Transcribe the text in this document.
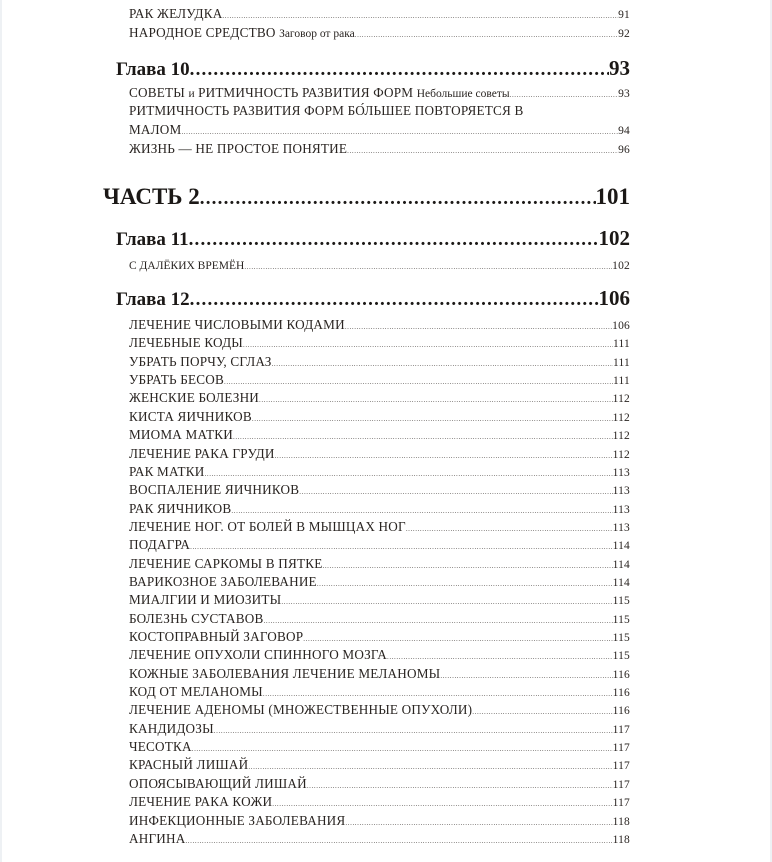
РАК ЖЕЛУДКА .....	91
НАРОДНОЕ СРЕДСТВО Заговор от рака .....	92
Глава 10 .....	93
СОВЕТЫ и РИТМИЧНОСТЬ РАЗВИТИЯ ФОРМ Небольшие советы .....	93
РИТМИЧНОСТЬ РАЗВИТИЯ ФОРМ БО́ЛЬШЕЕ ПОВТОРЯЕТСЯ В
МАЛОМ .....	94
ЖИЗНЬ — НЕ ПРОСТОЕ ПОНЯТИЕ .....	96
ЧАСТЬ 2 .....	101
Глава 11 .....	102
С ДАЛЁКИХ ВРЕМЁН .....	102
Глава 12 .....	106
ЛЕЧЕНИЕ ЧИСЛОВЫМИ КОДАМИ .....	106
ЛЕЧЕБНЫЕ КОДЫ .....	111
УБРАТЬ ПОРЧУ, СГЛАЗ .....	111
УБРАТЬ БЕСОВ .....	111
ЖЕНСКИЕ БОЛЕЗНИ .....	112
КИСТА ЯИЧНИКОВ .....	112
МИОМА МАТКИ .....	112
ЛЕЧЕНИЕ РАКА ГРУДИ .....	112
РАК МАТКИ .....	113
ВОСПАЛЕНИЕ ЯИЧНИКОВ .....	113
РАК ЯИЧНИКОВ .....	113
ЛЕЧЕНИЕ НОГ. ОТ БОЛЕЙ В МЫШЦАХ НОГ .....	113
ПОДАГРА .....	114
ЛЕЧЕНИЕ САРКОМЫ В ПЯТКЕ .....	114
ВАРИКОЗНОЕ ЗАБОЛЕВАНИЕ .....	114
МИАЛГИИ И МИОЗИТЫ .....	115
БОЛЕЗНЬ СУСТАВОВ .....	115
КОСТОПРАВНЫЙ ЗАГОВОР .....	115
ЛЕЧЕНИЕ ОПУХОЛИ СПИННОГО МОЗГА .....	115
КОЖНЫЕ ЗАБОЛЕВАНИЯ ЛЕЧЕНИЕ МЕЛАНОМЫ .....	116
КОД ОТ МЕЛАНОМЫ .....	116
ЛЕЧЕНИЕ АДЕНОМЫ (МНОЖЕСТВЕННЫЕ ОПУХОЛИ) .....	116
КАНДИДОЗЫ .....	117
ЧЕСОТКА .....	117
КРАСНЫЙ ЛИШАЙ .....	117
ОПОЯСЫВАЮЩИЙ ЛИШАЙ .....	117
ЛЕЧЕНИЕ РАКА КОЖИ .....	117
ИНФЕКЦИОННЫЕ ЗАБОЛЕВАНИЯ .....	118
АНГИНА .....	118
